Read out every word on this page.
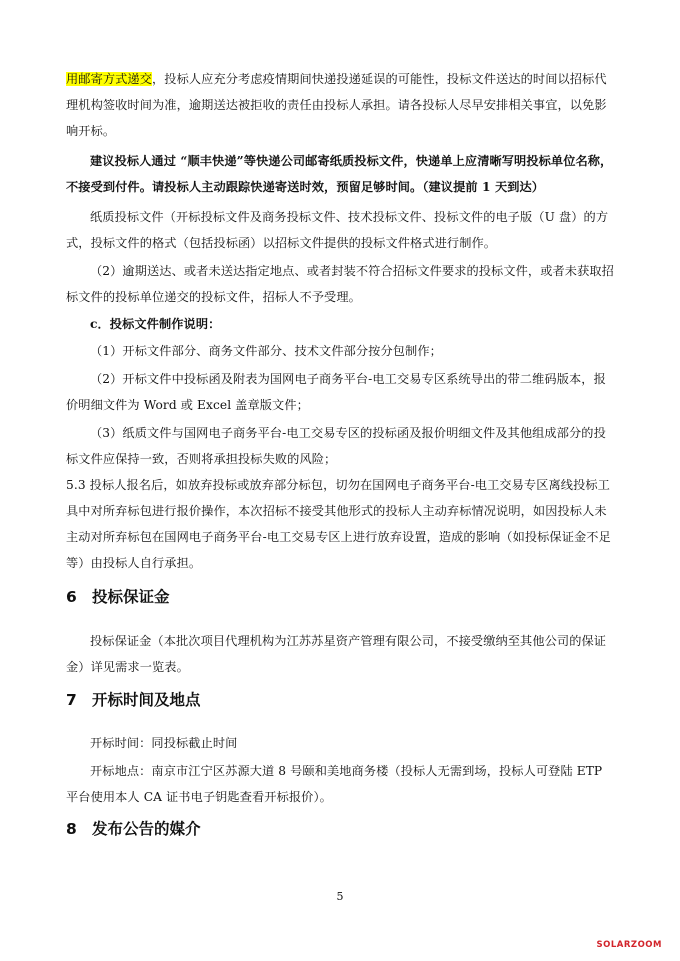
用邮寄方式递交，投标人应充分考虑疫情期间快递投递延误的可能性，投标文件送达的时间以招标代理机构签收时间为准，逾期送达被拒收的责任由投标人承担。请各投标人尽早安排相关事宜，以免影响开标。

建议投标人通过 “顺丰快递”等快递公司邮寄纸质投标文件，快递单上应清晰写明投标单位名称，不接受到付件。请投标人主动跟踪快递寄送时效，预留足够时间。（建议提前 1 天到达）

纸质投标文件（开标投标文件及商务投标文件、技术投标文件、投标文件的电子版（U 盘）的方式，投标文件的格式（包括投标函）以招标文件提供的投标文件格式进行制作。

（2）逾期送达、或者未送达指定地点、或者封装不符合招标文件要求的投标文件，或者未获取招标文件的投标单位递交的投标文件，招标人不予受理。

c．投标文件制作说明：

（1）开标文件部分、商务文件部分、技术文件部分按分包制作；

（2）开标文件中投标函及附表为国网电子商务平台-电工交易专区系统导出的带二维码版本，报价明细文件为 Word 或 Excel 盖章版文件；

（3）纸质文件与国网电子商务平台-电工交易专区的投标函及报价明细文件及其他组成部分的投标文件应保持一致，否则将承担投标失败的风险；

5.3 投标人报名后，如放弃投标或放弃部分标包，切勿在国网电子商务平台-电工交易专区离线投标工具中对所弃标包进行报价操作，本次招标不接受其他形式的投标人主动弃标情况说明，如因投标人未主动对所弃标包在国网电子商务平台-电工交易专区上进行放弃设置，造成的影响（如投标保证金不足等）由投标人自行承担。

6 投标保证金

投标保证金（本批次项目代理机构为江苏苏星资产管理有限公司，不接受缴纳至其他公司的保证金）详见需求一览表。

7 开标时间及地点

开标时间：同投标截止时间

开标地点：南京市江宁区苏源大道 8 号颐和美地商务楼（投标人无需到场，投标人可登陆 ETP 平台使用本人 CA 证书电子钥匙查看开标报价）。

8 发布公告的媒介
5
SOLARZOOM
